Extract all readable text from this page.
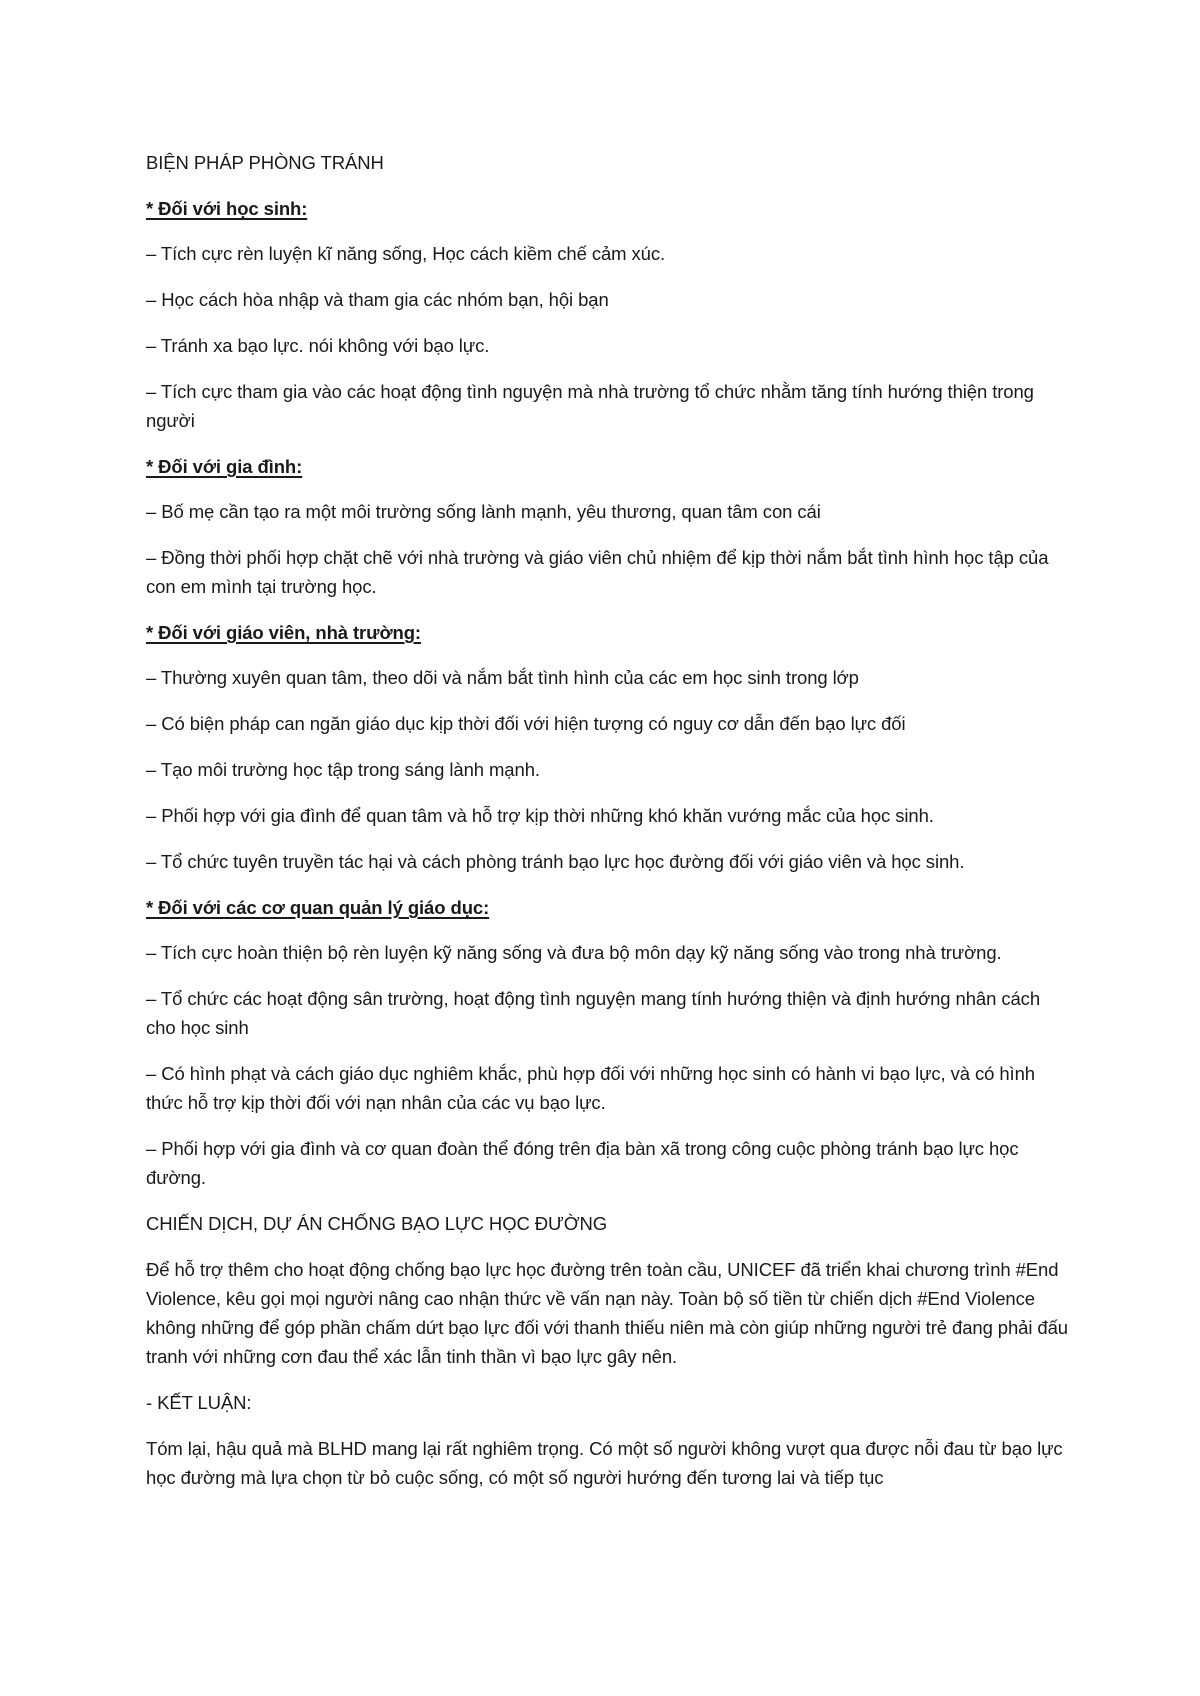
BIỆN PHÁP PHÒNG TRÁNH

* Đối với học sinh:

– Tích cực rèn luyện kĩ năng sống, Học cách kiềm chế cảm xúc.

– Học cách hòa nhập và tham gia các nhóm bạn, hội bạn

– Tránh xa bạo lực. nói không với bạo lực.

– Tích cực tham gia vào các hoạt động tình nguyện mà nhà trường tổ chức nhằm tăng tính hướng thiện trong người

* Đối với gia đình:

– Bố mẹ cần tạo ra một môi trường sống lành mạnh, yêu thương, quan tâm con cái

– Đồng thời phối hợp chặt chẽ với nhà trường và giáo viên chủ nhiệm để kịp thời nắm bắt tình hình học tập của con em mình tại trường học.

* Đối với giáo viên, nhà trường:

– Thường xuyên quan tâm, theo dõi và nắm bắt tình hình của các em học sinh trong lớp

– Có biện pháp can ngăn giáo dục kịp thời đối với hiện tượng có nguy cơ dẫn đến bạo lực đối

– Tạo môi trường học tập trong sáng lành mạnh.

– Phối hợp với gia đình để quan tâm và hỗ trợ kịp thời những khó khăn vướng mắc của học sinh.

– Tổ chức tuyên truyền tác hại và cách phòng tránh bạo lực học đường đối với giáo viên và học sinh.

* Đối với các cơ quan quản lý giáo dục:

– Tích cực hoàn thiện bộ rèn luyện kỹ năng sống và đưa bộ môn dạy kỹ năng sống vào trong nhà trường.

– Tổ chức các hoạt động sân trường, hoạt động tình nguyện mang tính hướng thiện và định hướng nhân cách cho học sinh

– Có hình phạt và cách giáo dục nghiêm khắc, phù hợp đối với những học sinh có hành vi bạo lực, và có hình thức hỗ trợ kịp thời đối với nạn nhân của các vụ bạo lực.

– Phối hợp với gia đình và cơ quan đoàn thể đóng trên địa bàn xã trong công cuộc phòng tránh bạo lực học đường.

CHIẾN DỊCH, DỰ ÁN CHỐNG BẠO LỰC HỌC ĐƯỜNG

Để hỗ trợ thêm cho hoạt động chống bạo lực học đường trên toàn cầu, UNICEF đã triển khai chương trình #End Violence, kêu gọi mọi người nâng cao nhận thức về vấn nạn này. Toàn bộ số tiền từ chiến dịch #End Violence không những để góp phần chấm dứt bạo lực đối với thanh thiếu niên mà còn giúp những người trẻ đang phải đấu tranh với những cơn đau thể xác lẫn tinh thần vì bạo lực gây nên.

- KẾT LUẬN:

Tóm lại, hậu quả mà BLHD mang lại rất nghiêm trọng. Có một số người không vượt qua được nỗi đau từ bạo lực học đường mà lựa chọn từ bỏ cuộc sống, có một số người hướng đến tương lai và tiếp tục
